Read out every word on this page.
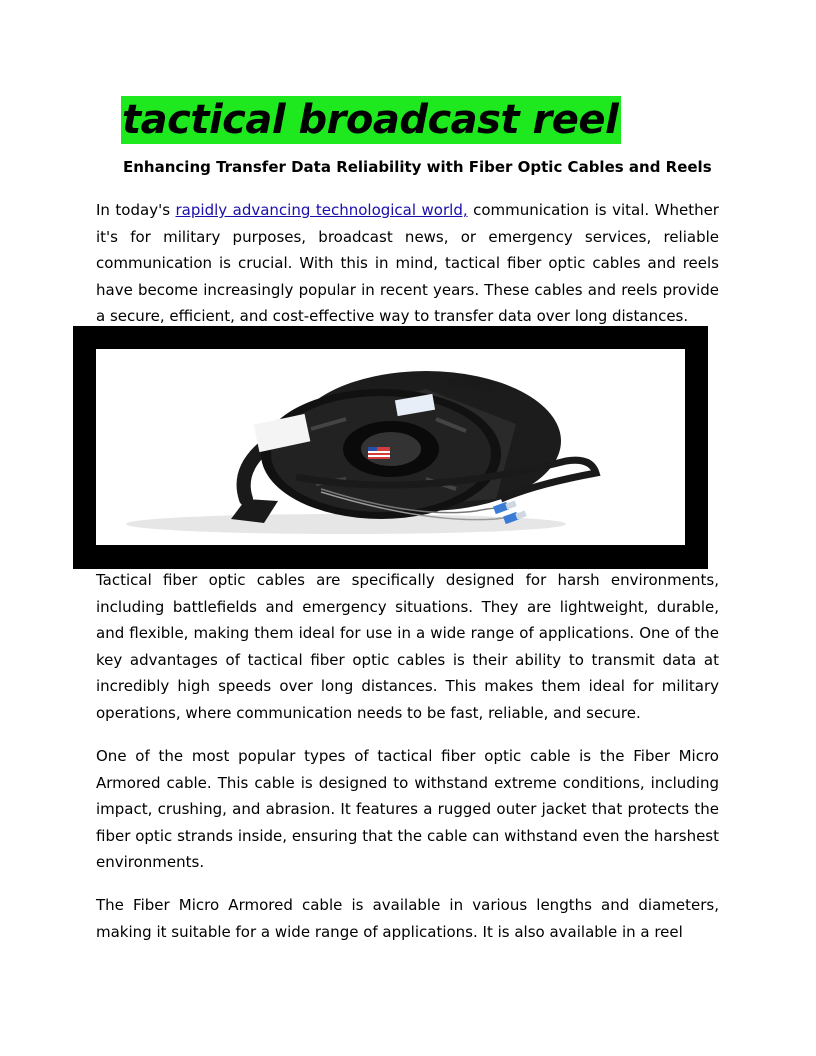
tactical broadcast reel
Enhancing Transfer Data Reliability with Fiber Optic Cables and Reels

In today's rapidly advancing technological world, communication is vital. Whether it's for military purposes, broadcast news, or emergency services, reliable communication is crucial. With this in mind, tactical fiber optic cables and reels have become increasingly popular in recent years. These cables and reels provide a secure, efficient, and cost-effective way to transfer data over long distances.

Tactical fiber optic cables are specifically designed for harsh environments, including battlefields and emergency situations. They are lightweight, durable, and flexible, making them ideal for use in a wide range of applications. One of the key advantages of tactical fiber optic cables is their ability to transmit data at incredibly high speeds over long distances. This makes them ideal for military operations, where communication needs to be fast, reliable, and secure.

One of the most popular types of tactical fiber optic cable is the Fiber Micro Armored cable. This cable is designed to withstand extreme conditions, including impact, crushing, and abrasion. It features a rugged outer jacket that protects the fiber optic strands inside, ensuring that the cable can withstand even the harshest environments.

The Fiber Micro Armored cable is available in various lengths and diameters, making it suitable for a wide range of applications. It is also available in a reel
